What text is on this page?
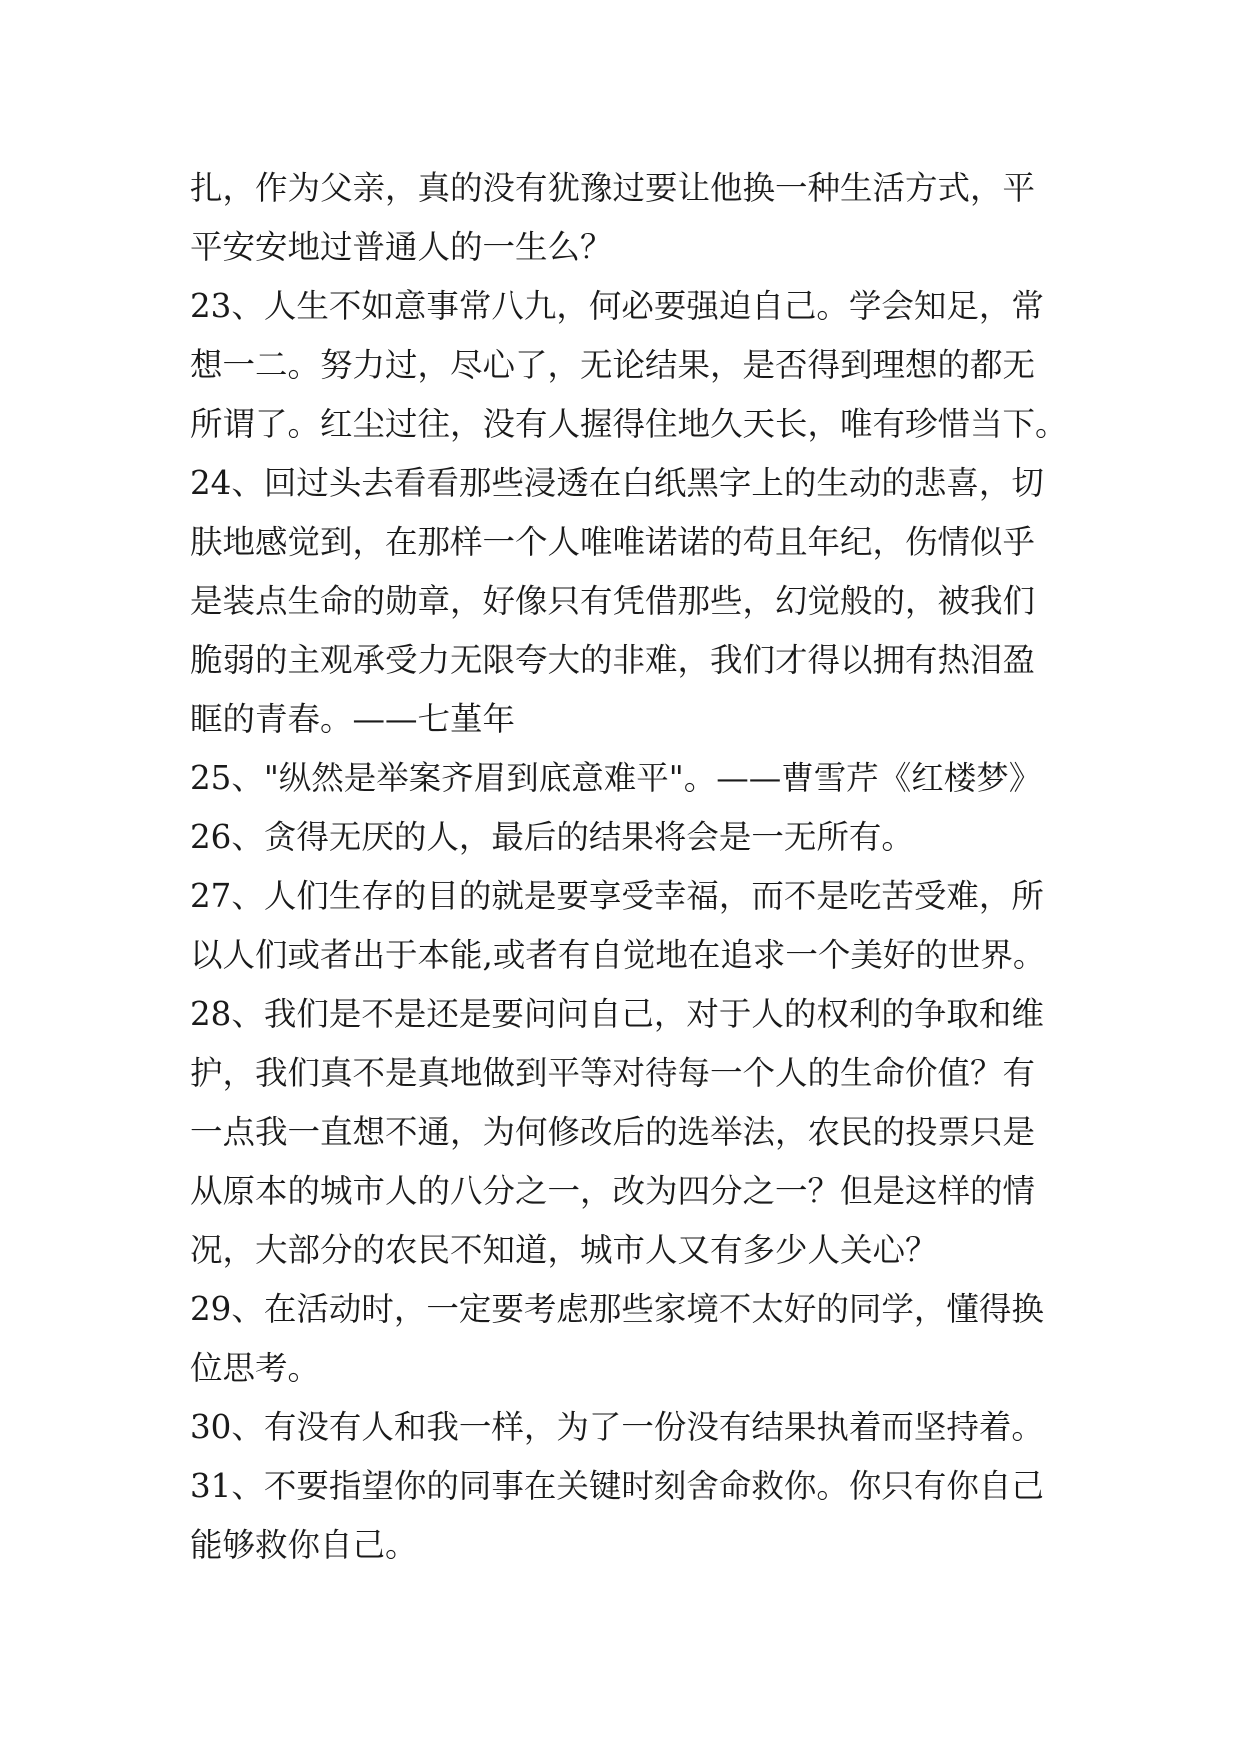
扎，作为父亲，真的没有犹豫过要让他换一种生活方式，平
平安安地过普通人的一生么？
23、人生不如意事常八九，何必要强迫自己。学会知足，常
想一二。努力过，尽心了，无论结果，是否得到理想的都无
所谓了。红尘过往，没有人握得住地久天长，唯有珍惜当下。
24、回过头去看看那些浸透在白纸黑字上的生动的悲喜，切
肤地感觉到，在那样一个人唯唯诺诺的苟且年纪，伤情似乎
是装点生命的勋章，好像只有凭借那些，幻觉般的，被我们
脆弱的主观承受力无限夸大的非难，我们才得以拥有热泪盈
眶的青春。——七堇年
25、"纵然是举案齐眉到底意难平"。——曹雪芹《红楼梦》
26、贪得无厌的人，最后的结果将会是一无所有。
27、人们生存的目的就是要享受幸福，而不是吃苦受难，所
以人们或者出于本能,或者有自觉地在追求一个美好的世界。
28、我们是不是还是要问问自己，对于人的权利的争取和维
护，我们真不是真地做到平等对待每一个人的生命价值？有
一点我一直想不通，为何修改后的选举法，农民的投票只是
从原本的城市人的八分之一，改为四分之一？但是这样的情
况，大部分的农民不知道，城市人又有多少人关心？
29、在活动时，一定要考虑那些家境不太好的同学，懂得换
位思考。
30、有没有人和我一样，为了一份没有结果执着而坚持着。
31、不要指望你的同事在关键时刻舍命救你。你只有你自己
能够救你自己。
